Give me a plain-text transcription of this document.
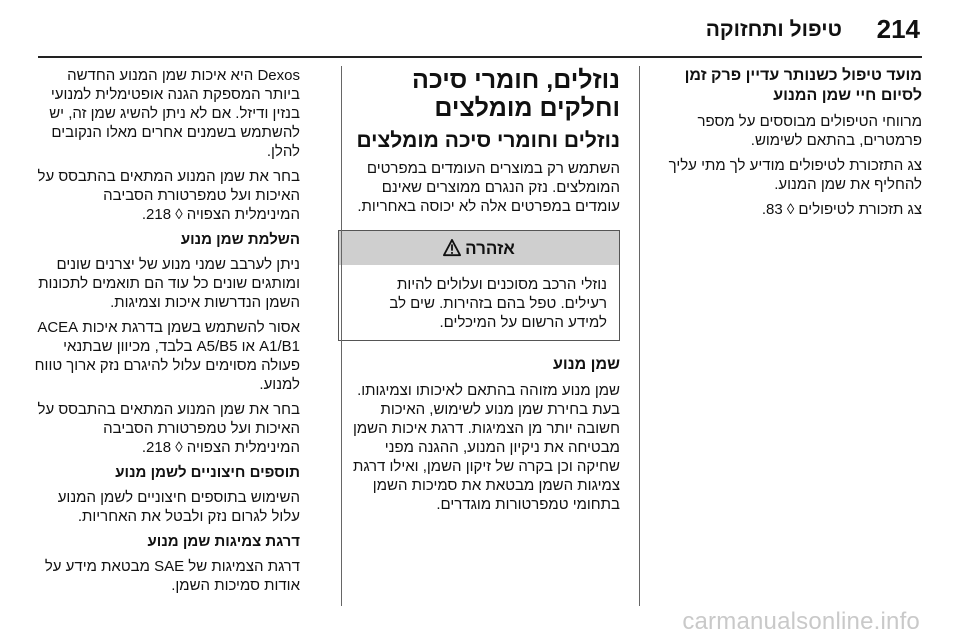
214
טיפול ותחזוקה

מועד טיפול כשנותר עדיין פרק זמן לסיום חיי שמן המנוע

מרווחי הטיפולים מבוססים על מספר פרמטרים, בהתאם לשימוש.

צג התזכורת לטיפולים מודיע לך מתי עליך להחליף את שמן המנוע.

צג תזכורת לטיפולים ◊ 83.

נוזלים, חומרי סיכה וחלקים מומלצים

נוזלים וחומרי סיכה מומלצים

השתמש רק במוצרים העומדים במפרטים המומלצים. נזק הנגרם ממוצרים שאינם עומדים במפרטים אלה לא יכוסה באחריות.

אזהרה
נוזלי הרכב מסוכנים ועלולים להיות רעילים. טפל בהם בזהירות. שים לב למידע הרשום על המיכלים.

שמן מנוע

שמן מנוע מזוהה בהתאם לאיכותו וצמיגותו. בעת בחירת שמן מנוע לשימוש, האיכות חשובה יותר מן הצמיגות. דרגת איכות השמן מבטיחה את ניקיון המנוע, ההגנה מפני שחיקה וכן בקרה של זיקון השמן, ואילו דרגת צמיגות השמן מבטאת את סמיכות השמן בתחומי טמפרטורות מוגדרים.

Dexos היא איכות שמן המנוע החדשה ביותר המספקת הגנה אופטימלית למנועי בנזין ודיזל. אם לא ניתן להשיג שמן זה, יש להשתמש בשמנים אחרים מאלו הנקובים להלן.

בחר את שמן המנוע המתאים בהתבסס על האיכות ועל טמפרטורת הסביבה המינימלית הצפויה ◊ 218.

השלמת שמן מנוע

ניתן לערבב שמני מנוע של יצרנים שונים ומותגים שונים כל עוד הם תואמים לתכונות השמן הנדרשות איכות וצמיגות.

אסור להשתמש בשמן בדרגת איכות ACEA A1/B1 או A5/B5 בלבד, מכיוון שבתנאי פעולה מסוימים עלול להיגרם נזק ארוך טווח למנוע.

בחר את שמן המנוע המתאים בהתבסס על האיכות ועל טמפרטורת הסביבה המינימלית הצפויה ◊ 218.

תוספים חיצוניים לשמן מנוע

השימוש בתוספים חיצוניים לשמן המנוע עלול לגרום נזק ולבטל את האחריות.

דרגת צמיגות שמן מנוע

דרגת הצמיגות של SAE מבטאת מידע על אודות סמיכות השמן.

carmanualsonline.info
